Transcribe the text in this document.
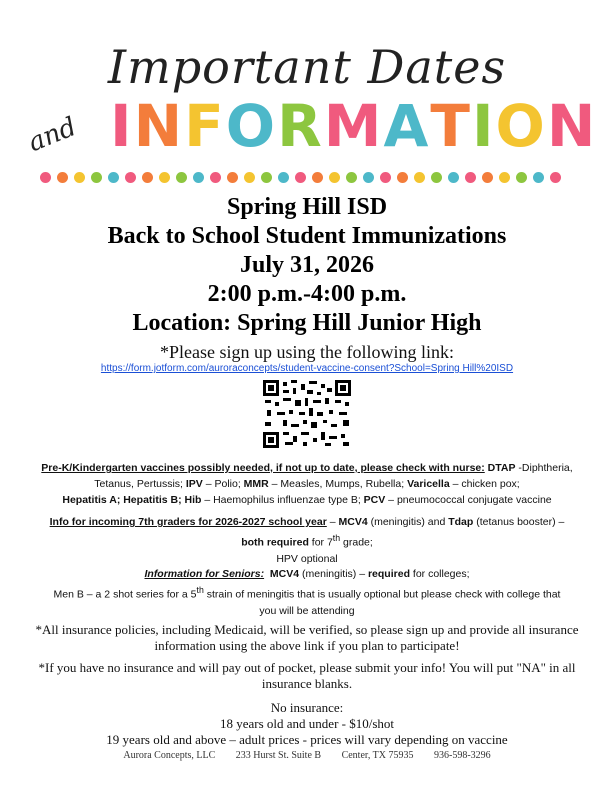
Important Dates
and INFORMATION
Spring Hill ISD
Back to School Student Immunizations
July 31, 2026
2:00 p.m.-4:00 p.m.
Location: Spring Hill Junior High
*Please sign up using the following link:
https://form.jotform.com/auroraconcepts/student-vaccine-consent?School=Spring Hill%20ISD
Pre-K/Kindergarten vaccines possibly needed, if not up to date, please check with nurse: DTAP -Diphtheria,
Tetanus, Pertussis; IPV – Polio; MMR – Measles, Mumps, Rubella; Varicella – chicken pox;
Hepatitis A; Hepatitis B; Hib – Haemophilus influenzae type B; PCV – pneumococcal conjugate vaccine
Info for incoming 7th graders for 2026-2027 school year – MCV4 (meningitis) and Tdap (tetanus booster) –
both required for 7th grade;
HPV optional
Information for Seniors: MCV4 (meningitis) – required for colleges;
Men B – a 2 shot series for a 5th strain of meningitis that is usually optional but please check with college that
you will be attending
*All insurance policies, including Medicaid, will be verified, so please sign up and provide all insurance information using the above link if you plan to participate!
*If you have no insurance and will pay out of pocket, please submit your info! You will put "NA" in all insurance blanks.
No insurance:
18 years old and under - $10/shot
19 years old and above – adult prices - prices will vary depending on vaccine
Aurora Concepts, LLC 233 Hurst St. Suite B Center, TX 75935 936-598-3296
